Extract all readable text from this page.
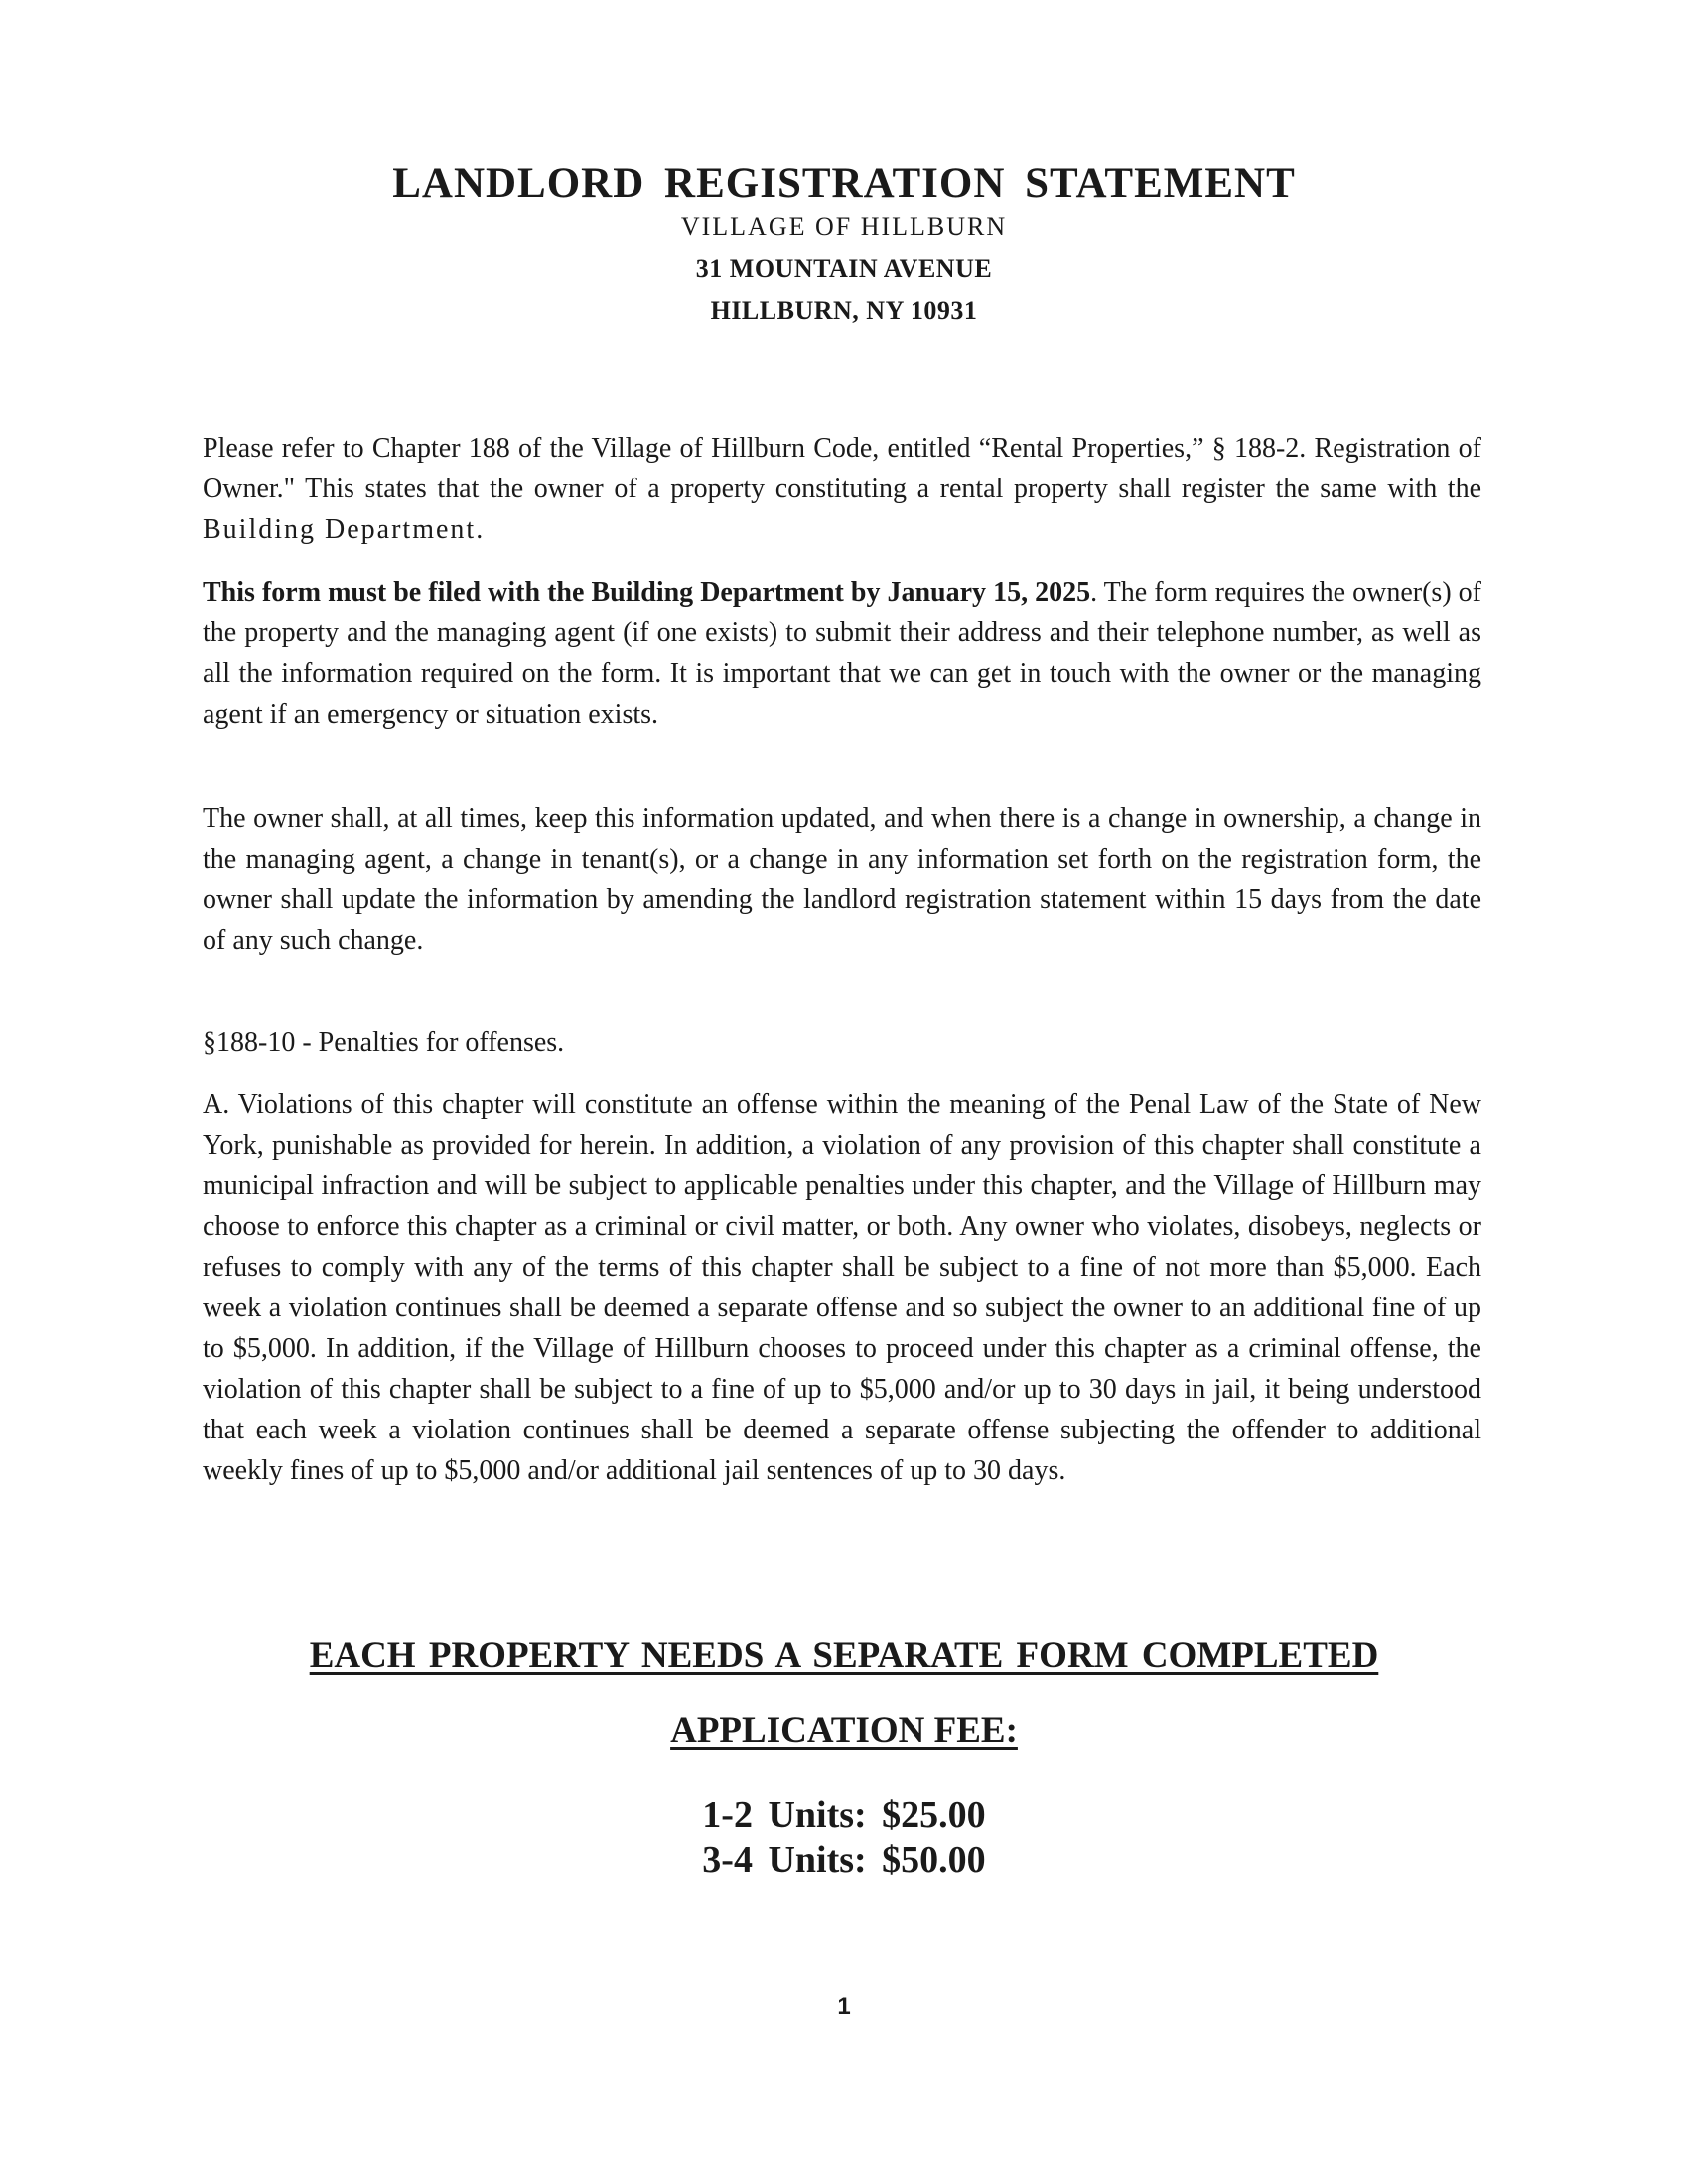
LANDLORD REGISTRATION STATEMENT
VILLAGE OF HILLBURN
31 MOUNTAIN AVENUE
HILLBURN, NY 10931

Please refer to Chapter 188 of the Village of Hillburn Code, entitled “Rental Properties,” § 188-2. Registration of Owner." This states that the owner of a property constituting a rental property shall register the same with the Building Department.

This form must be filed with the Building Department by January 15, 2025. The form requires the owner(s) of the property and the managing agent (if one exists) to submit their address and their telephone number, as well as all the information required on the form. It is important that we can get in touch with the owner or the managing agent if an emergency or situation exists.

The owner shall, at all times, keep this information updated, and when there is a change in ownership, a change in the managing agent, a change in tenant(s), or a change in any information set forth on the registration form, the owner shall update the information by amending the landlord registration statement within 15 days from the date of any such change.

§188-10 - Penalties for offenses.

A. Violations of this chapter will constitute an offense within the meaning of the Penal Law of the State of New York, punishable as provided for herein. In addition, a violation of any provision of this chapter shall constitute a municipal infraction and will be subject to applicable penalties under this chapter, and the Village of Hillburn may choose to enforce this chapter as a criminal or civil matter, or both. Any owner who violates, disobeys, neglects or refuses to comply with any of the terms of this chapter shall be subject to a fine of not more than $5,000. Each week a violation continues shall be deemed a separate offense and so subject the owner to an additional fine of up to $5,000. In addition, if the Village of Hillburn chooses to proceed under this chapter as a criminal offense, the violation of this chapter shall be subject to a fine of up to $5,000 and/or up to 30 days in jail, it being understood that each week a violation continues shall be deemed a separate offense subjecting the offender to additional weekly fines of up to $5,000 and/or additional jail sentences of up to 30 days.

EACH PROPERTY NEEDS A SEPARATE FORM COMPLETED
APPLICATION FEE:
1-2 Units: $25.00
3-4 Units: $50.00
1
